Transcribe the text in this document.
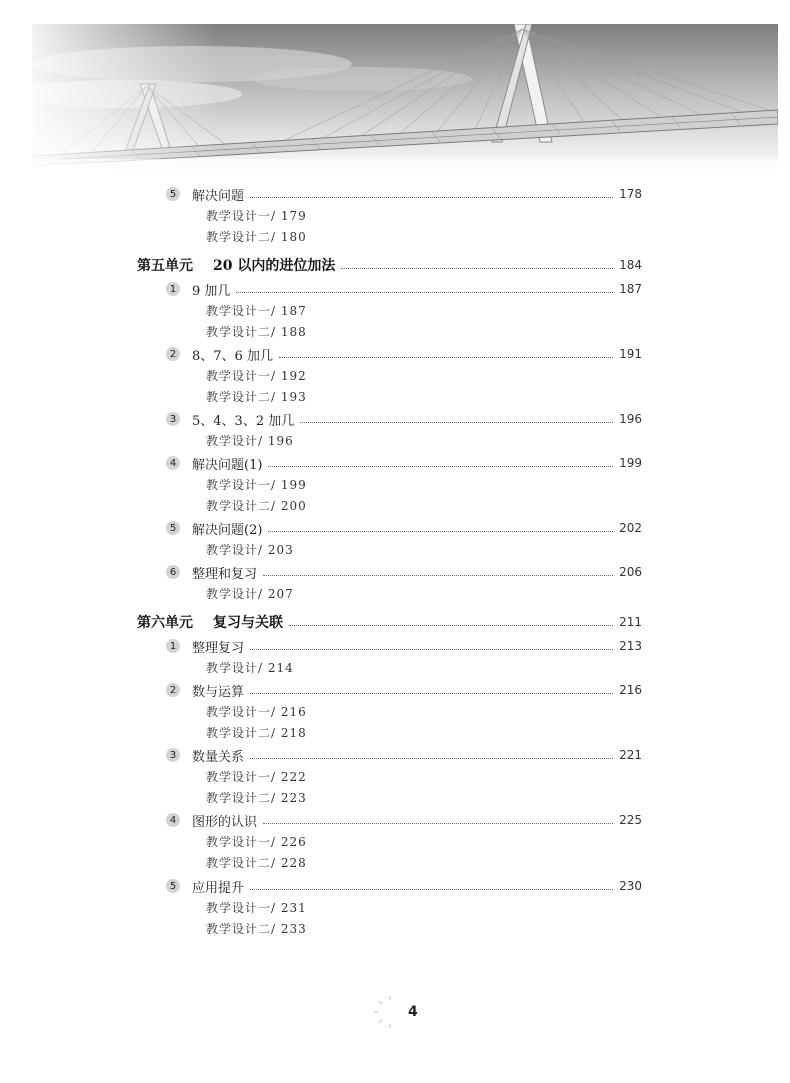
5 解决问题	178
教学设计一/ 179
教学设计二/ 180
第五单元 20 以内的进位加法	184
1 9 加几	187
教学设计一/ 187
教学设计二/ 188
2 8、7、6 加几	191
教学设计一/ 192
教学设计二/ 193
3 5、4、3、2 加几	196
教学设计/ 196
4 解决问题(1)	199
教学设计一/ 199
教学设计二/ 200
5 解决问题(2)	202
教学设计/ 203
6 整理和复习	206
教学设计/ 207
第六单元 复习与关联	211
1 整理复习	213
教学设计/ 214
2 数与运算	216
教学设计一/ 216
教学设计二/ 218
3 数量关系	221
教学设计一/ 222
教学设计二/ 223
4 图形的认识	225
教学设计一/ 226
教学设计二/ 228
5 应用提升	230
教学设计一/ 231
教学设计二/ 233
4
